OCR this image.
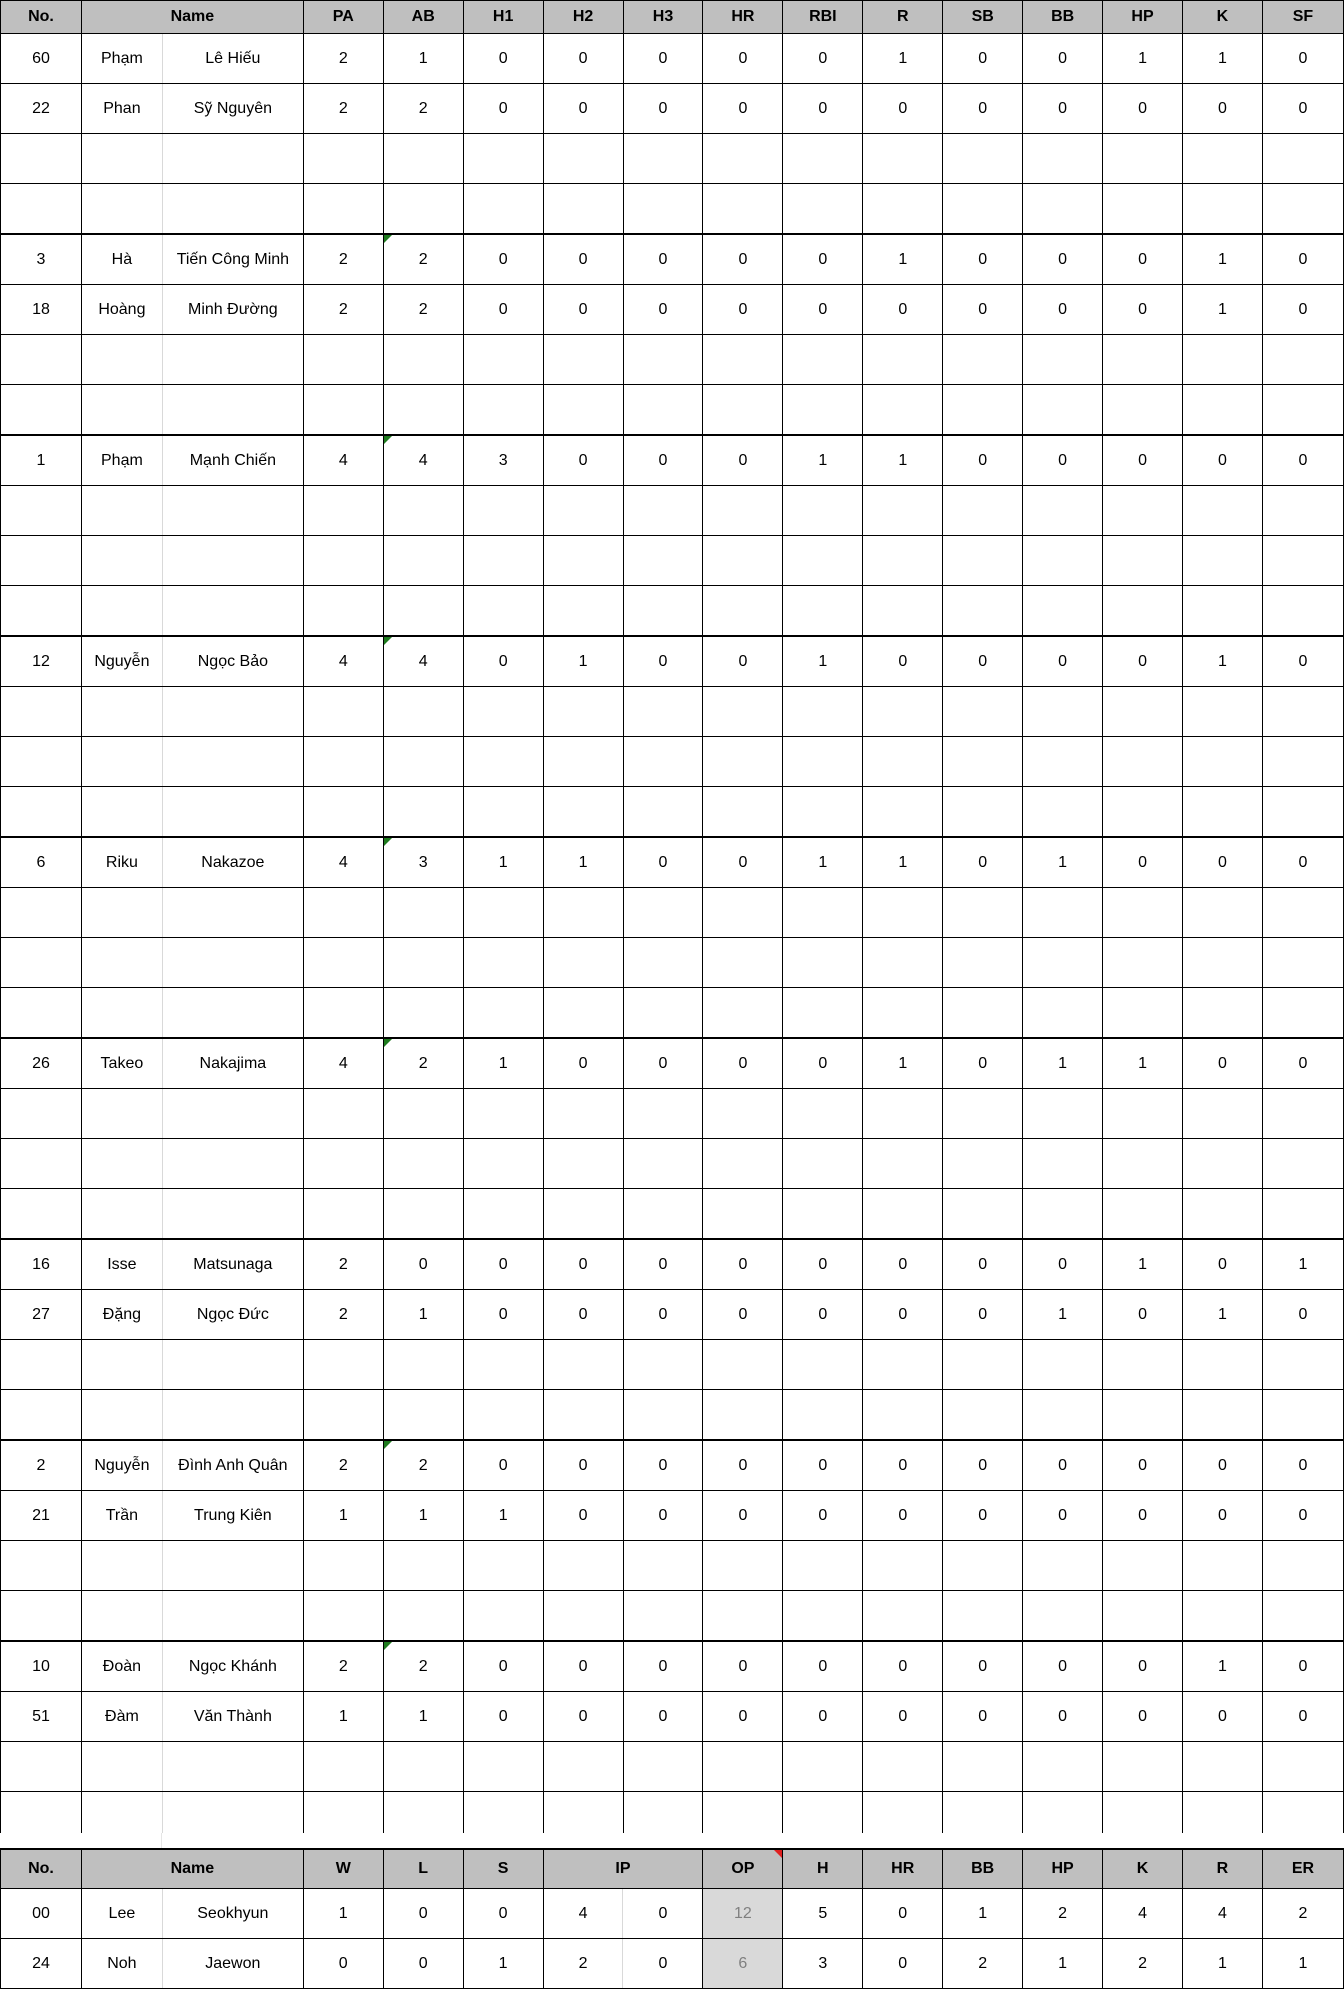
No.	Name		PA	AB	H1	H2	H3	HR	RBI	R	SB	BB	HP	K	SF
60	Phạm	Lê Hiếu	2	1	0	0	0	0	0	1	0	0	1	1	0
22	Phan	Sỹ Nguyên	2	2	0	0	0	0	0	0	0	0	0	0	0

3	Hà	Tiến Công Minh	2	2	0	0	0	0	0	1	0	0	0	1	0
18	Hoàng	Minh Đường	2	2	0	0	0	0	0	0	0	0	0	1	0

1	Phạm	Mạnh Chiến	4	4	3	0	0	0	1	1	0	0	0	0	0

12	Nguyễn	Ngọc Bảo	4	4	0	1	0	0	1	0	0	0	0	1	0

6	Riku	Nakazoe	4	3	1	1	0	0	1	1	0	1	0	0	0

26	Takeo	Nakajima	4	2	1	0	0	0	0	1	0	1	1	0	0

16	Isse	Matsunaga	2	0	0	0	0	0	0	0	0	0	1	0	1
27	Đặng	Ngọc Đức	2	1	0	0	0	0	0	0	0	1	0	1	0

2	Nguyễn	Đình Anh Quân	2	2	0	0	0	0	0	0	0	0	0	0	0
21	Trần	Trung Kiên	1	1	1	0	0	0	0	0	0	0	0	0	0

10	Đoàn	Ngọc Khánh	2	2	0	0	0	0	0	0	0	0	0	1	0
51	Đàm	Văn Thành	1	1	0	0	0	0	0	0	0	0	0	0	0

No.	Name		W	L	S	IP		OP	H	HR	BB	HP	K	R	ER
00	Lee	Seokhyun	1	0	0	4	0	12	5	0	1	2	4	4	2
24	Noh	Jaewon	0	0	1	2	0	6	3	0	2	1	2	1	1
